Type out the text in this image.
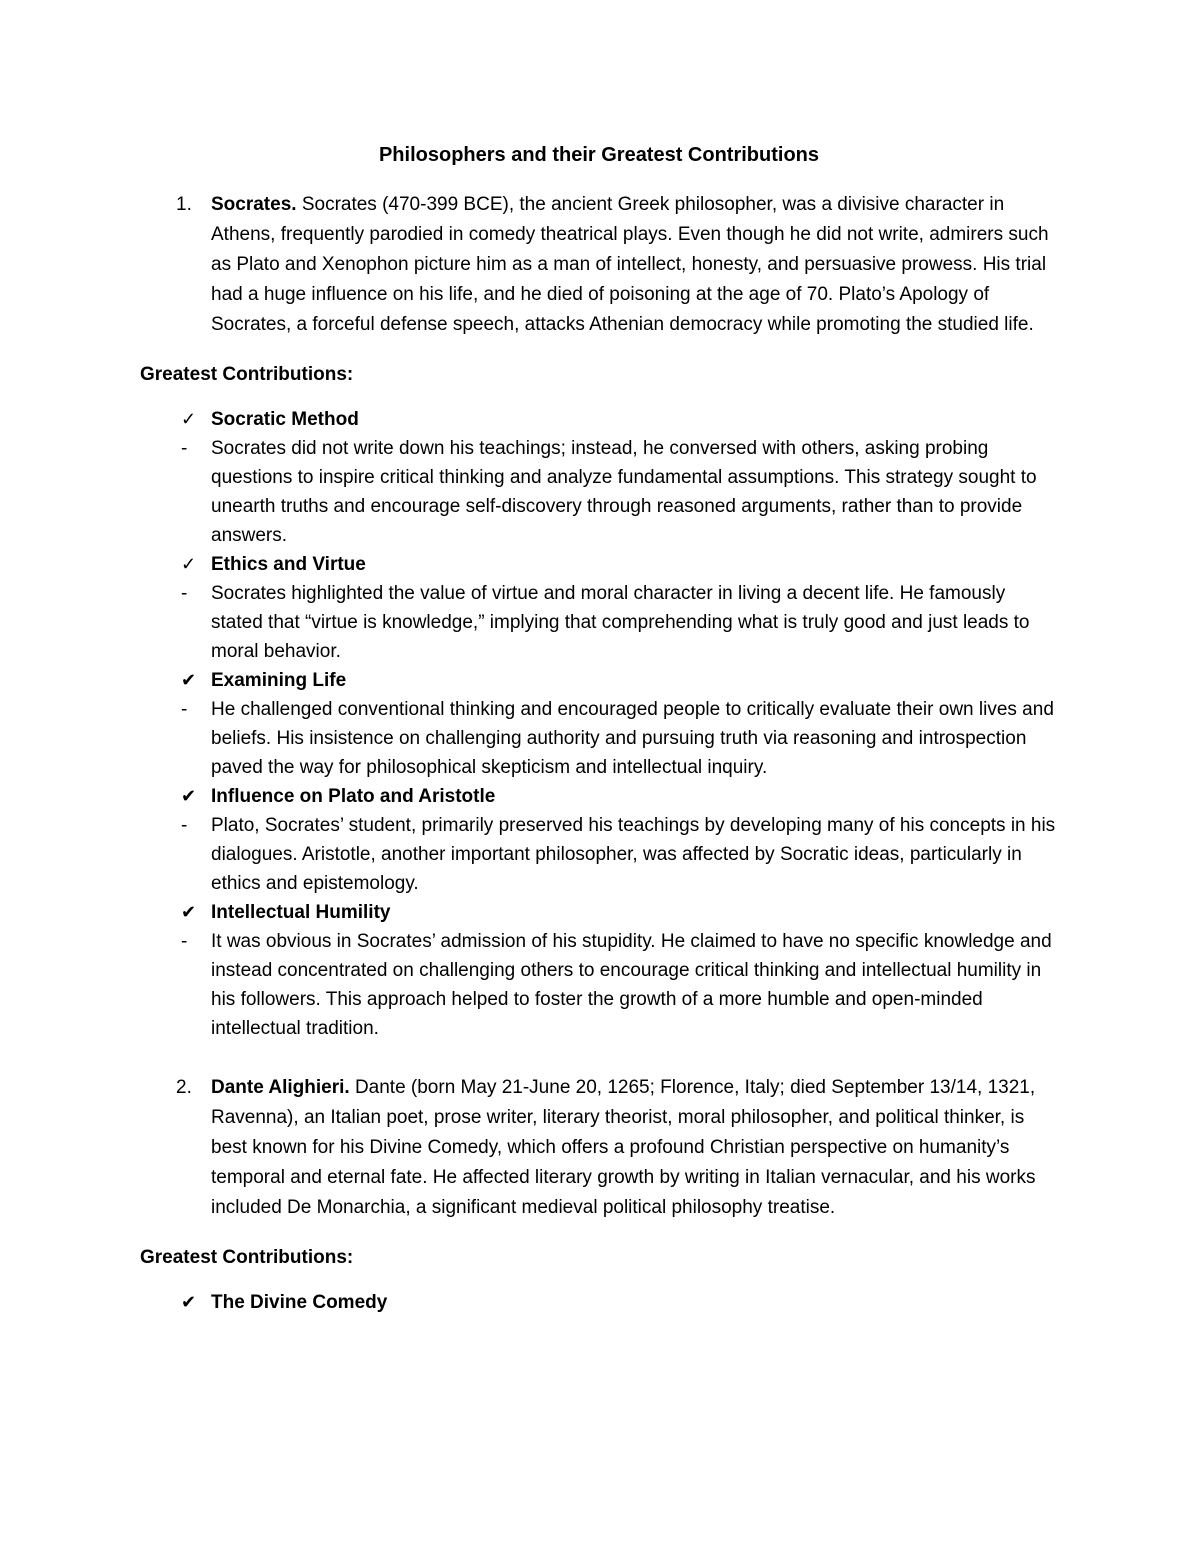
Philosophers and their Greatest Contributions
1.	Socrates. Socrates (470-399 BCE), the ancient Greek philosopher, was a divisive character in Athens, frequently parodied in comedy theatrical plays. Even though he did not write, admirers such as Plato and Xenophon picture him as a man of intellect, honesty, and persuasive prowess. His trial had a huge influence on his life, and he died of poisoning at the age of 70. Plato’s Apology of Socrates, a forceful defense speech, attacks Athenian democracy while promoting the studied life.

Greatest Contributions:
✓ Socratic Method
-	Socrates did not write down his teachings; instead, he conversed with others, asking probing questions to inspire critical thinking and analyze fundamental assumptions. This strategy sought to unearth truths and encourage self-discovery through reasoned arguments, rather than to provide answers.

✓ Ethics and Virtue
-	Socrates highlighted the value of virtue and moral character in living a decent life. He famously stated that “virtue is knowledge,” implying that comprehending what is truly good and just leads to moral behavior.

✔ Examining Life
-	He challenged conventional thinking and encouraged people to critically evaluate their own lives and beliefs. His insistence on challenging authority and pursuing truth via reasoning and introspection paved the way for philosophical skepticism and intellectual inquiry.

✔ Influence on Plato and Aristotle
-	Plato, Socrates’ student, primarily preserved his teachings by developing many of his concepts in his dialogues. Aristotle, another important philosopher, was affected by Socratic ideas, particularly in ethics and epistemology.

✔ Intellectual Humility
-	It was obvious in Socrates’ admission of his stupidity. He claimed to have no specific knowledge and instead concentrated on challenging others to encourage critical thinking and intellectual humility in his followers. This approach helped to foster the growth of a more humble and open-minded intellectual tradition.

2.	Dante Alighieri. Dante (born May 21-June 20, 1265; Florence, Italy; died September 13/14, 1321, Ravenna), an Italian poet, prose writer, literary theorist, moral philosopher, and political thinker, is best known for his Divine Comedy, which offers a profound Christian perspective on humanity’s temporal and eternal fate. He affected literary growth by writing in Italian vernacular, and his works included De Monarchia, a significant medieval political philosophy treatise.

Greatest Contributions:
✔ The Divine Comedy
